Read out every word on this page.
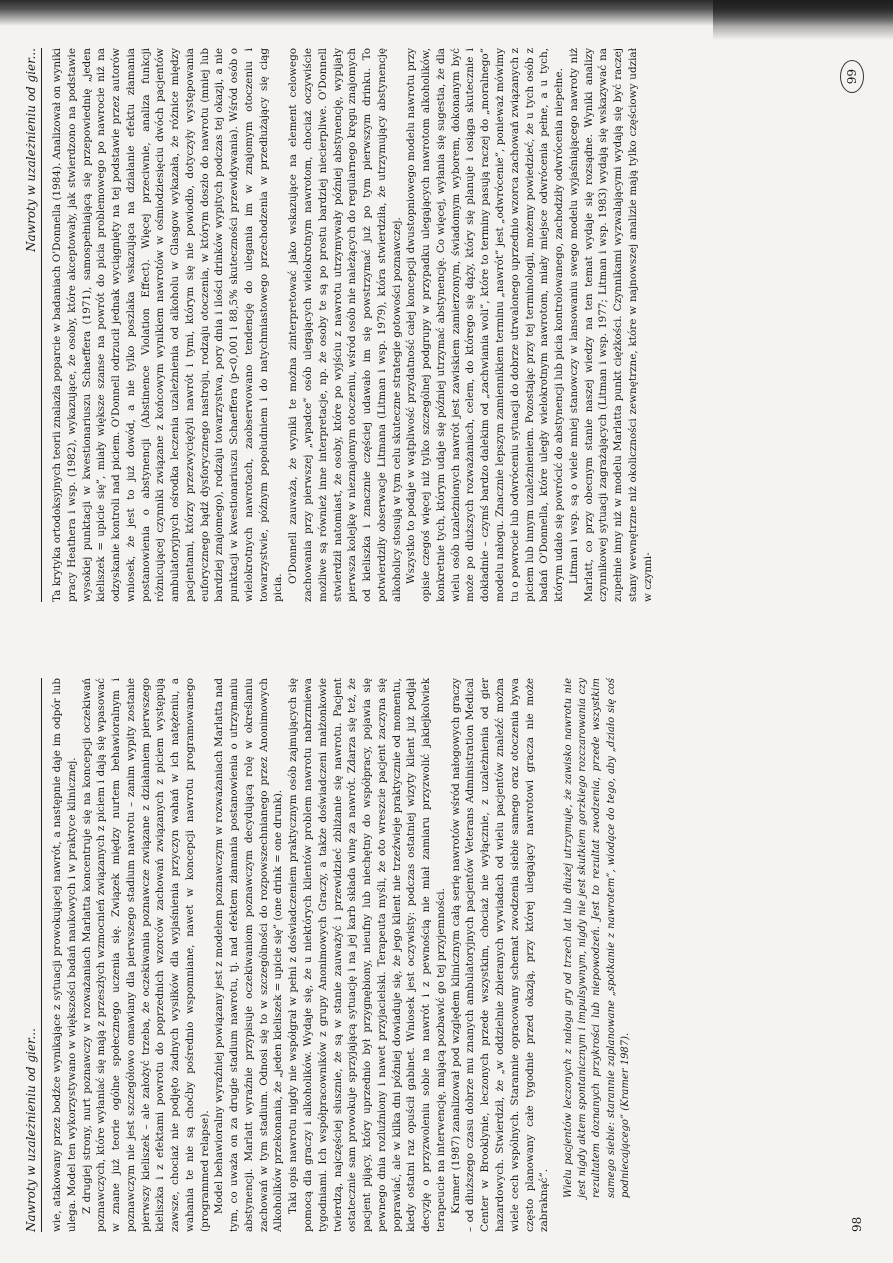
Nawroty w uzależnieniu od gier...	wie, atakowany przez bodźce wynikające z sytuacji prowokującej nawrót, a następnie daje im odpór lub ulega. Model ten wykorzystywano w większości badań naukowych i w praktyce klinicznej. Z drugiej strony, nurt poznawczy w rozważaniach Marlatta koncentruje się na koncepcji oczekiwań poznawczych, które wyłaniać się mają z przeszłych wzmocnień związanych z piciem i dają się wpasować w znane już teorie ogólne społecznego uczenia się. Związek między nurtem behawioralnym i poznawczym nie jest szczegółowo omawiany dla pierwszego stadium nawrotu – zanim wypity zostanie pierwszy kieliszek – ale założyć trzeba, że oczekiwania poznawcze związane z działaniem pierwszego kieliszka i z efektami powrotu do poprzednich wzorców zachowań związanych z piciem występują zawsze, chociaż nie podjęto żadnych wysiłków dla wyjaśnienia przyczyn wahań w ich natężeniu, a wahania te nie są choćby pośrednio wspomniane, nawet w koncepcji nawrotu programowanego (programmed relapse). Model behawioralny wyraźniej powiązany jest z modelem poznawczym w rozważaniach Marlatta nad tym, co uważa on za drugie stadium nawrotu, tj. nad efektem złamania postanowienia o utrzymaniu abstynencji. Marlatt wyraźnie przypisuje oczekiwaniom poznawczym decydującą rolę w określaniu zachowań w tym stadium. Odnosi się to w szczególności do rozpowszechnianego przez Anonimowych Alkoholików przekonania, że „jeden kieliszek = upicie się” (one drink = one drunk). Taki opis nawrotu nigdy nie współgrał w pełni z doświadczeniem praktycznym osób zajmujących się pomocą dla graczy i alkoholików. Wydaje się, że u niektórych klientów problem nawrotu nabrzmiewa tygodniami. Ich współpracowników z grupy Anonimowych Graczy, a także doświadczeni małżonkowie twierdzą, najczęściej słusznie, że są w stanie zauważyć i przewidzieć zbliżanie się nawrotu. Pacjent ostatecznie sam prowokuje sprzyjającą sytuację i na jej karb składa winę za nawrót. Zdarza się też, że pacjent pijący, który uprzednio był przygnębiony, nieufny lub niechętny do współpracy, pojawia się pewnego dnia rozluźniony i nawet przyjacielski. Terapeuta myśli, że oto wreszcie pacjent zaczyna się poprawiać, ale w kilka dni później dowiaduje się, że jego klient nie trzeźwieje praktycznie od momentu, kiedy ostatni raz opuścił gabinet. Wniosek jest oczywisty: podczas ostatniej wizyty klient już podjął decyzję o przyzwoleniu sobie na nawrót i z pewnością nie miał zamiaru przyzwolić jakiejkolwiek terapeucie na interwencję, mającą pozbawić go tej przyjemności. Kramer (1987) zanalizował pod względem klinicznym całą serię nawrotów wśród nałogowych graczy – od dłuższego czasu dobrze mu znanych ambulatoryjnych pacjentów Veterans Administration Medical Center w Brooklynie, leczonych przede wszystkim, chociaż nie wyłącznie, z uzależnienia od gier hazardowych. Stwierdził, że „w oddzielnie zbieranych wywiadach od wielu pacjentów znaleźć można wiele cech wspólnych. Starannie opracowany schemat zwodzenia siebie samego oraz otoczenia bywa często planowany całe tygodnie przed okazją, przy której ulegający nawrotowi gracza nie może zabraknąć”.

Wielu pacjentów leczonych z nałogu gry od trzech lat lub dłużej utrzymuje, że zawisko nawrotu nie jest nigdy aktem spontanicznym i impulsywnym, nigdy nie jest skutkiem gorzkiego rozczarowania czy rezultatem doznanych przykrości lub niepowodzeń. Jest to rezultat zwodzenia, przede wszystkim samego siebie: starannie zaplanowane „spotkanie z nawrotem”, wiodące do tego, aby „działo się coś podniecającego” (Kramer 1987).
98
Nawroty w uzależnieniu od gier...	Ta krytyka ortodoksyjnych teorii znalazła poparcie w badaniach O'Donnella (1984). Analizował on wyniki pracy Heathera i wsp. (1982), wykazujące, że osoby, które akceptowały, jak stwierdzono na podstawie wysokiej punktacji w kwestionariuszu Schaeffera (1971), samospełniającą się przepowiednię „jeden kieliszek = upicie się”, miały większe szanse na powrót do picia problemowego po nawrocie niż na odzyskanie kontroli nad piciem. O'Donnell odrzucił jednak wyciągnięty na tej podstawie przez autorów wniosek, że jest to już dowód, a nie tylko poszlaka wskazująca na działanie efektu złamania postanowienia o abstynencji (Abstinence Violation Effect). Więcej przeciwnie, analiza funkcji różnicującej czynniki związane z końcowym wynikiem nawrotów w ośmiodziesięciu dwóch pacjentów ambulatoryjnych ośrodka leczenia uzależnienia od alkoholu w Glasgow wykazała, że różnice między pacjentami, którzy przezwyciężyli nawrót i tymi, którym się nie powiodło, dotyczyły występowania euforycznego bądź dysforycznego nastroju, rodzaju otoczenia, w którym doszło do nawrotu (mniej lub bardziej znajomego), rodzaju towarzystwa, pory dnia i ilości drinków wypitych podczas tej okazji, a nie punktacji w kwestionariuszu Schaeffera (p<0,001 i 88,5% skuteczności przewidywania). Wśród osób o wielokrotnych nawrotach, zaobserwowano tendencję do ulegania im w znajomym otoczeniu i towarzystwie, późnym popołudniem i do natychmiastowego przechodzenia w przedłużający się ciąg picia.

O'Donnell zauważa, że wyniki te można zinterpretować jako wskazujące na element celowego zachowania przy pierwszej „wpadce” osób ulegających wielokrotnym nawrotom, chociaż oczywiście możliwe są również inne interpretacje, np. że osoby te są po prostu bardziej niecierpliwe. O'Donnell stwierdził natomiast, że osoby, które po wyjściu z nawrotu utrzymywały później abstynencję, wypijały pierwsza kolejkę w nieznajomym otoczeniu, wśród osób nie należących do regularnego kręgu znajomych od kieliszka i znacznie częściej udawało im się powstrzymać już po tym pierwszym drinku. To potwierdziły obserwacje Litmana (Litman i wsp. 1979), która stwierdziła, że utrzymujący abstynencję alkoholicy stosują w tym celu skuteczne strategie gotowości poznawczej. Wszystko to podaje w wątpliwość przydatność całej koncepcji dwustopniowego modelu nawrotu przy opisie czegoś więcej niż tylko szczególnej podgrupy w przypadku ulegających nawrotom alkoholików, konkretnie tych, którym udaje się później utrzymać abstynencję. Co więcej, wyłania się sugestia, że dla wielu osób uzależnionych nawrót jest zawiskiem zamierzonym, świadomym wyborem, dokonanym być może po dłuższych rozważaniach, celem, do którego się dąży, który się planuje i osiąga skutecznie i dokładnie – czymś bardzo dalekim od „zachwiania woli”, które to terminy pasują raczej do „moralnego” modelu nałogu. Znacznie lepszym zamiennikiem terminu „nawrót” jest „odwrócenie”, ponieważ mówimy tu o powrocie lub odwróceniu sytuacji do dobrze utrwalonego uprzednio wzorca zachowań związanych z piciem lub innym uzależnieniem. Pozostając przy tej terminologii, możemy powiedzieć, że u tych osób z badań O'Donnella, które uległy wielokrotnym nawrotom, miały miejsce odwrócenia pełne, a u tych, którym udało się powrócić do abstynencji lub picia kontrolowanego, zachodziły odwrócenia niepełne. Litman i wsp. są o wiele mniej stanowczy w lansowaniu swego modelu wyjaśniającego nawroty niż Marlatt, co przy obecnym stanie naszej wiedzy na ten temat wydaje się rozsądne. Wyniki analizy czynnikowej sytuacji zagrażających (Litman i wsp. 1977; Litman i wsp. 1983) wydają się wskazywać na zupełnie inny niż w modelu Marlatta punkt ciężkości. Czynnikami wyzwalającymi wydają się być raczej stany wewnętrzne niż okoliczności zewnętrzne, które w najnowszej analizie mają tylko częściowy udział w czynni-

99
